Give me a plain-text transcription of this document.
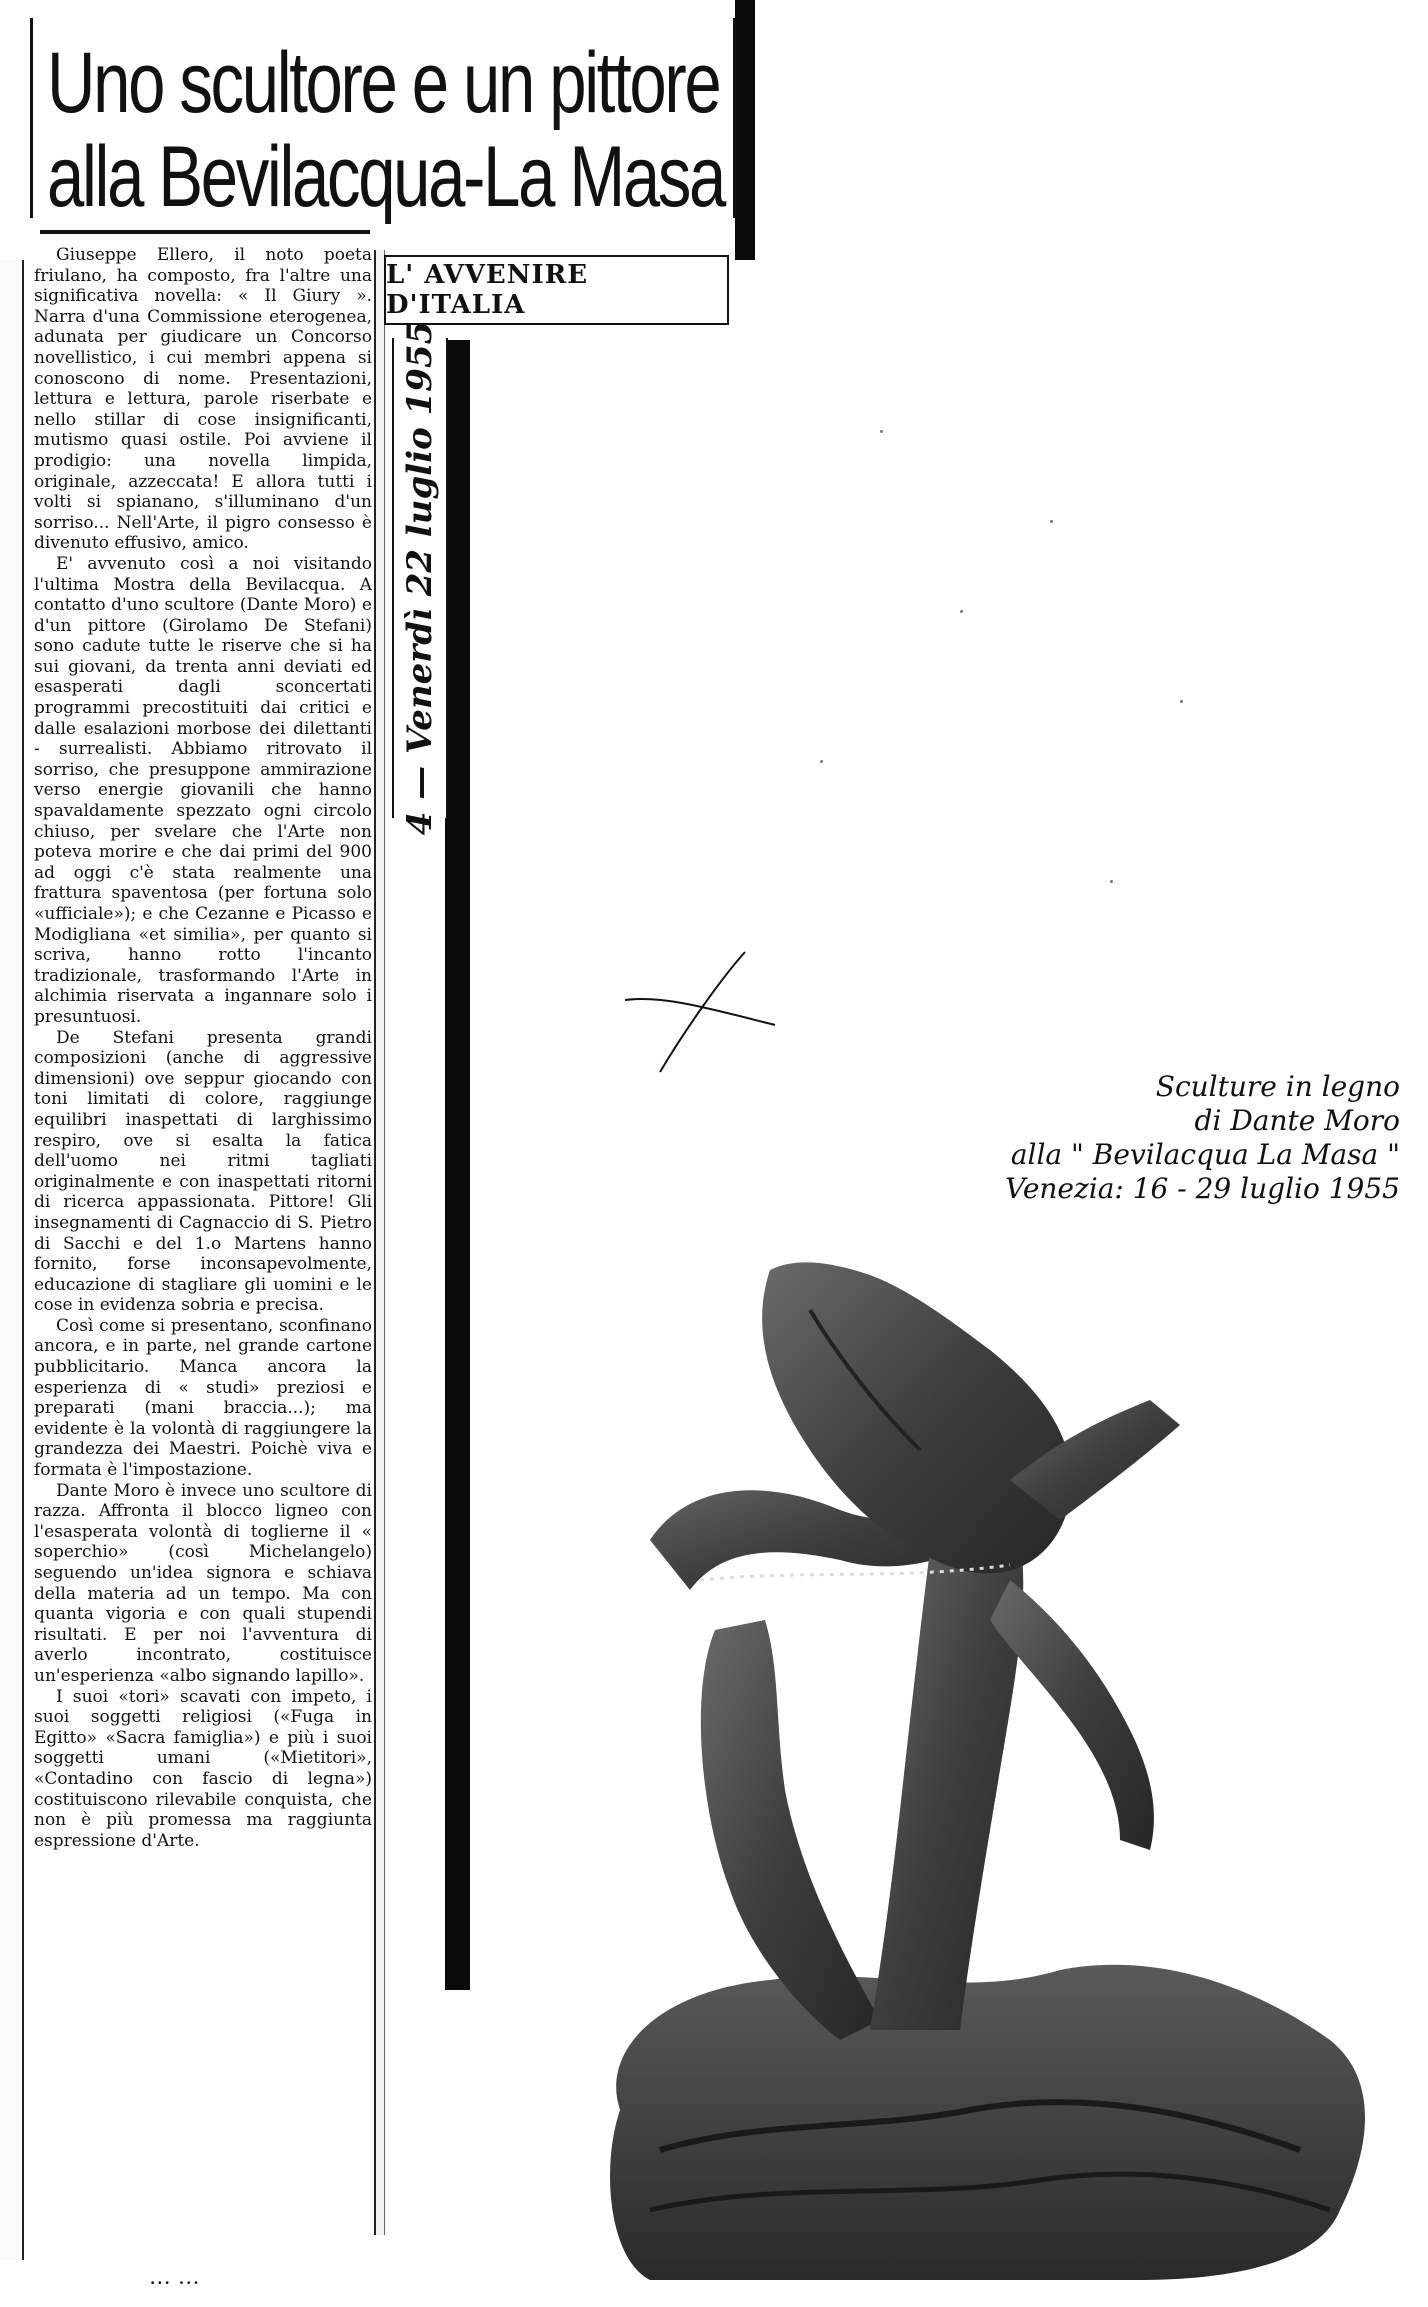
Uno scultore e un pittore
alla Bevilacqua-La Masa

Giuseppe Ellero, il noto poeta friulano, ha composto, fra l'altre una significativa novella: « Il Giury ». Narra d'una Commissione eterogenea, adunata per giudicare un Concorso novellistico, i cui membri appena si conoscono di nome. Presentazioni, lettura e lettura, parole riserbate e nello stillar di cose insignificanti, mutismo quasi ostile. Poi avviene il prodigio: una novella limpida, originale, azzeccata! E allora tutti i volti si spianano, s'illuminano d'un sorriso... Nell'Arte, il pigro consesso è divenuto effusivo, amico.

E' avvenuto così a noi visitando l'ultima Mostra della Bevilacqua. A contatto d'uno scultore (Dante Moro) e d'un pittore (Girolamo De Stefani) sono cadute tutte le riserve che si ha sui giovani, da trenta anni deviati ed esasperati dagli sconcertati programmi precostituiti dai critici e dalle esalazioni morbose dei dilettanti - surrealisti. Abbiamo ritrovato il sorriso, che presuppone ammirazione verso energie giovanili che hanno spavaldamente spezzato ogni circolo chiuso, per svelare che l'Arte non poteva morire e che dai primi del 900 ad oggi c'è stata realmente una frattura spaventosa (per fortuna solo «ufficiale»); e che Cezanne e Picasso e Modigliana «et similia», per quanto si scriva, hanno rotto l'incanto tradizionale, trasformando l'Arte in alchimia riservata a ingannare solo i presuntuosi.

De Stefani presenta grandi composizioni (anche di aggressive dimensioni) ove seppur giocando con toni limitati di colore, raggiunge equilibri inaspettati di larghissimo respiro, ove si esalta la fatica dell'uomo nei ritmi tagliati originalmente e con inaspettati ritorni di ricerca appassionata. Pittore! Gli insegnamenti di Cagnaccio di S. Pietro di Sacchi e del 1.o Martens hanno fornito, forse inconsapevolmente, educazione di stagliare gli uomini e le cose in evidenza sobria e precisa.

Così come si presentano, sconfinano ancora, e in parte, nel grande cartone pubblicitario. Manca ancora la esperienza di « studi» preziosi e preparati (mani braccia...); ma evidente è la volontà di raggiungere la grandezza dei Maestri. Poichè viva e formata è l'impostazione.

Dante Moro è invece uno scultore di razza. Affronta il blocco ligneo con l'esasperata volontà di toglierne il « soperchio» (così Michelangelo) seguendo un'idea signora e schiava della materia ad un tempo. Ma con quanta vigoria e con quali stupendi risultati. E per noi l'avventura di averlo incontrato, costituisce un'esperienza «albo signando lapillo».

I suoi «tori» scavati con impeto, i suoi soggetti religiosi («Fuga in Egitto» «Sacra famiglia») e più i suoi soggetti umani («Mietitori», «Contadino con fascio di legna») costituiscono rilevabile conquista, che non è più promessa ma raggiunta espressione d'Arte.

... ...
L' AVVENIRE D'ITALIA
4 — Venerdì 22 luglio 1955
Sculture in legno
di Dante Moro
alla " Bevilacqua La Masa "
Venezia: 16 - 29 luglio 1955
